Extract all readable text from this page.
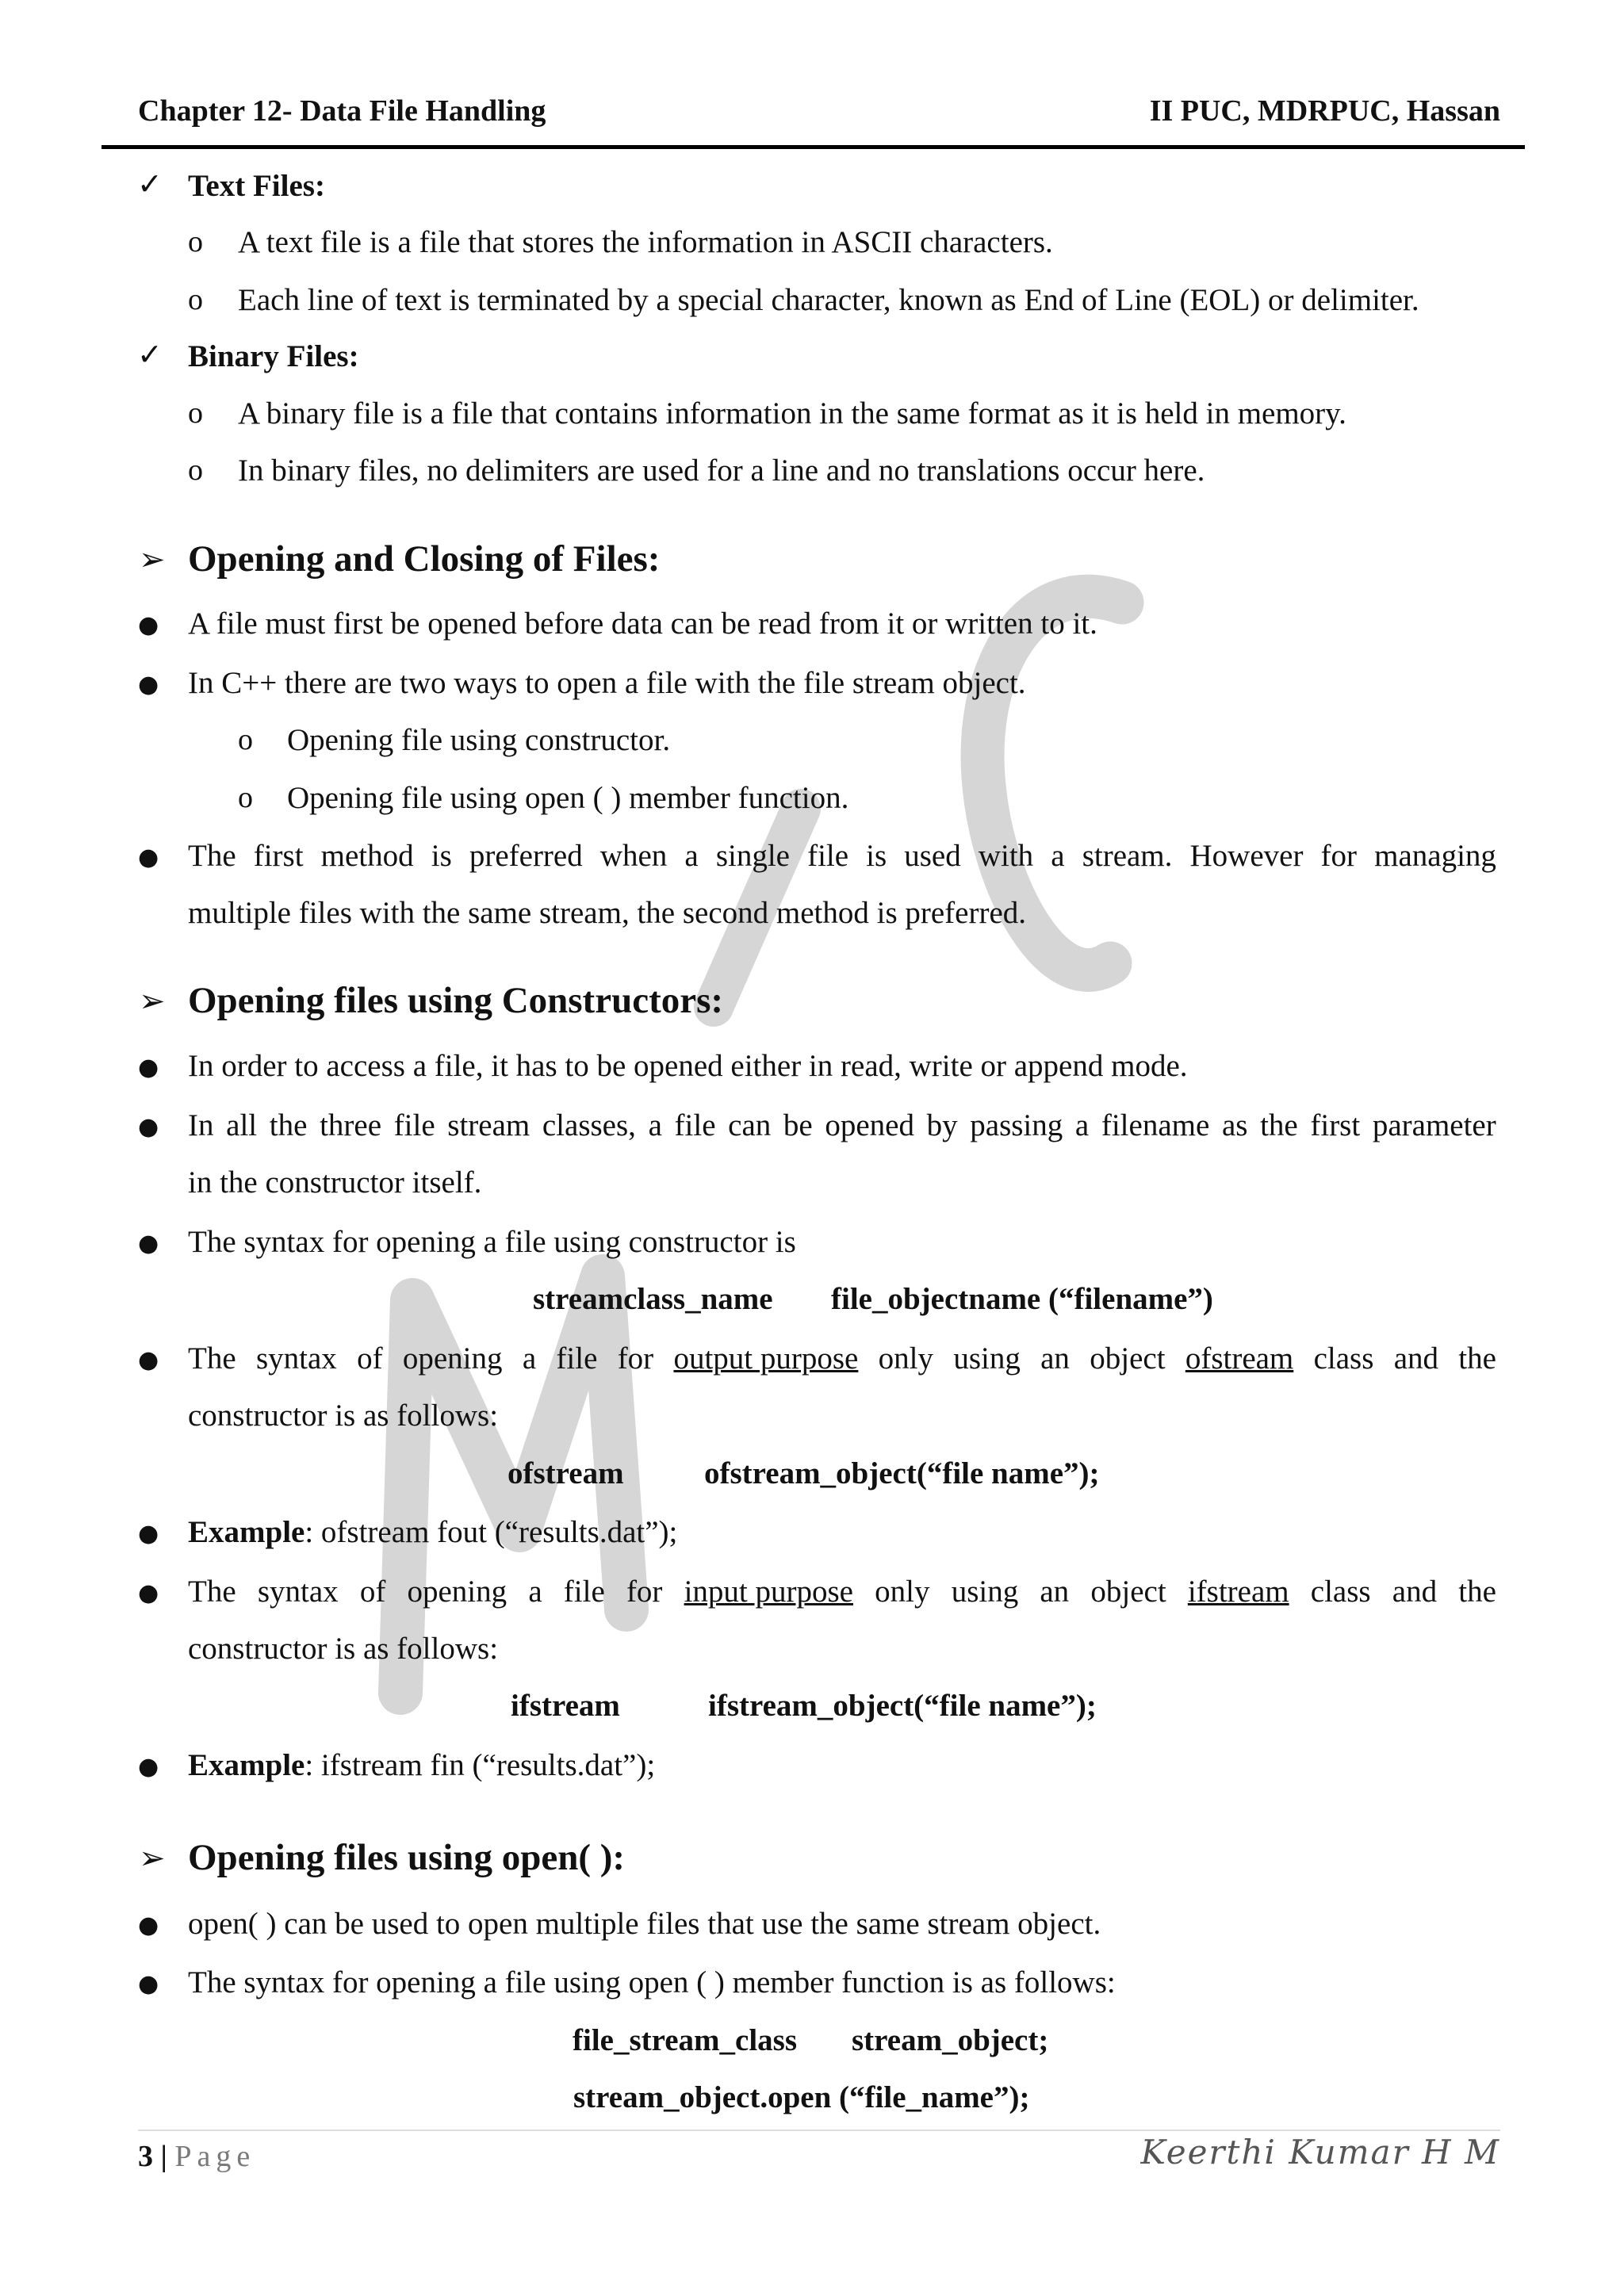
Chapter 12- Data File Handling	II PUC, MDRPUC, Hassan
✓ Text Files:
o A text file is a file that stores the information in ASCII characters.
o Each line of text is terminated by a special character, known as End of Line (EOL) or delimiter.
✓ Binary Files:
o A binary file is a file that contains information in the same format as it is held in memory.
o In binary files, no delimiters are used for a line and no translations occur here.
➢ Opening and Closing of Files:
● A file must first be opened before data can be read from it or written to it.
● In C++ there are two ways to open a file with the file stream object.
o Opening file using constructor.
o Opening file using open ( ) member function.
● The first method is preferred when a single file is used with a stream. However for managing
multiple files with the same stream, the second method is preferred.
➢ Opening files using Constructors:
● In order to access a file, it has to be opened either in read, write or append mode.
● In all the three file stream classes, a file can be opened by passing a filename as the first parameter
in the constructor itself.
● The syntax for opening a file using constructor is
streamclass_name file_objectname (“filename”)
● The syntax of opening a file for output purpose only using an object ofstream class and the
constructor is as follows:
ofstream	ofstream_object(“file name”);
● Example: ofstream fout (“results.dat”);
● The syntax of opening a file for input purpose only using an object ifstream class and the
constructor is as follows:
ifstream	ifstream_object(“file name”);
● Example: ifstream fin (“results.dat”);
➢ Opening files using open( ):
● open( ) can be used to open multiple files that use the same stream object.
● The syntax for opening a file using open ( ) member function is as follows:
file_stream_class stream_object;
stream_object.open (“file_name”);
3 | Page	Keerthi Kumar H M
